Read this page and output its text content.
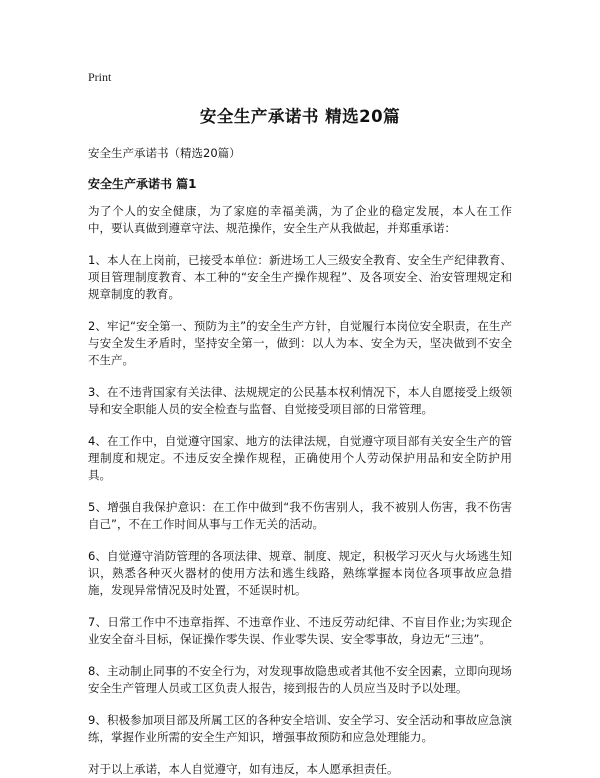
Print
安全生产承诺书 精选20篇

安全生产承诺书（精选20篇）

安全生产承诺书 篇1

为了个人的安全健康，为了家庭的幸福美满，为了企业的稳定发展，本人在工作中，要认真做到遵章守法、规范操作，安全生产从我做起，并郑重承诺：

1、本人在上岗前，已接受本单位：新进场工人三级安全教育、安全生产纪律教育、项目管理制度教育、本工种的“安全生产操作规程”、及各项安全、治安管理规定和规章制度的教育。

2、牢记“安全第一、预防为主”的安全生产方针，自觉履行本岗位安全职责，在生产与安全发生矛盾时，坚持安全第一，做到：以人为本、安全为天，坚决做到不安全不生产。

3、在不违背国家有关法律、法规规定的公民基本权利情况下，本人自愿接受上级领导和安全职能人员的安全检查与监督、自觉接受项目部的日常管理。

4、在工作中，自觉遵守国家、地方的法律法规，自觉遵守项目部有关安全生产的管理制度和规定。不违反安全操作规程，正确使用个人劳动保护用品和安全防护用具。

5、增强自我保护意识：在工作中做到“我不伤害别人，我不被别人伤害，我不伤害自己”，不在工作时间从事与工作无关的活动。

6、自觉遵守消防管理的各项法律、规章、制度、规定，积极学习灭火与火场逃生知识，熟悉各种灭火器材的使用方法和逃生线路，熟练掌握本岗位各项事故应急措施，发现异常情况及时处置，不延误时机。

7、日常工作中不违章指挥、不违章作业、不违反劳动纪律、不盲目作业;为实现企业安全奋斗目标，保证操作零失误、作业零失误、安全零事故，身边无“三违”。

8、主动制止同事的不安全行为，对发现事故隐患或者其他不安全因素，立即向现场安全生产管理人员或工区负责人报告，接到报告的人员应当及时予以处理。

9、积极参加项目部及所属工区的各种安全培训、安全学习、安全活动和事故应急演练，掌握作业所需的安全生产知识，增强事故预防和应急处理能力。

对于以上承诺，本人自觉遵守，如有违反，本人愿承担责任。
